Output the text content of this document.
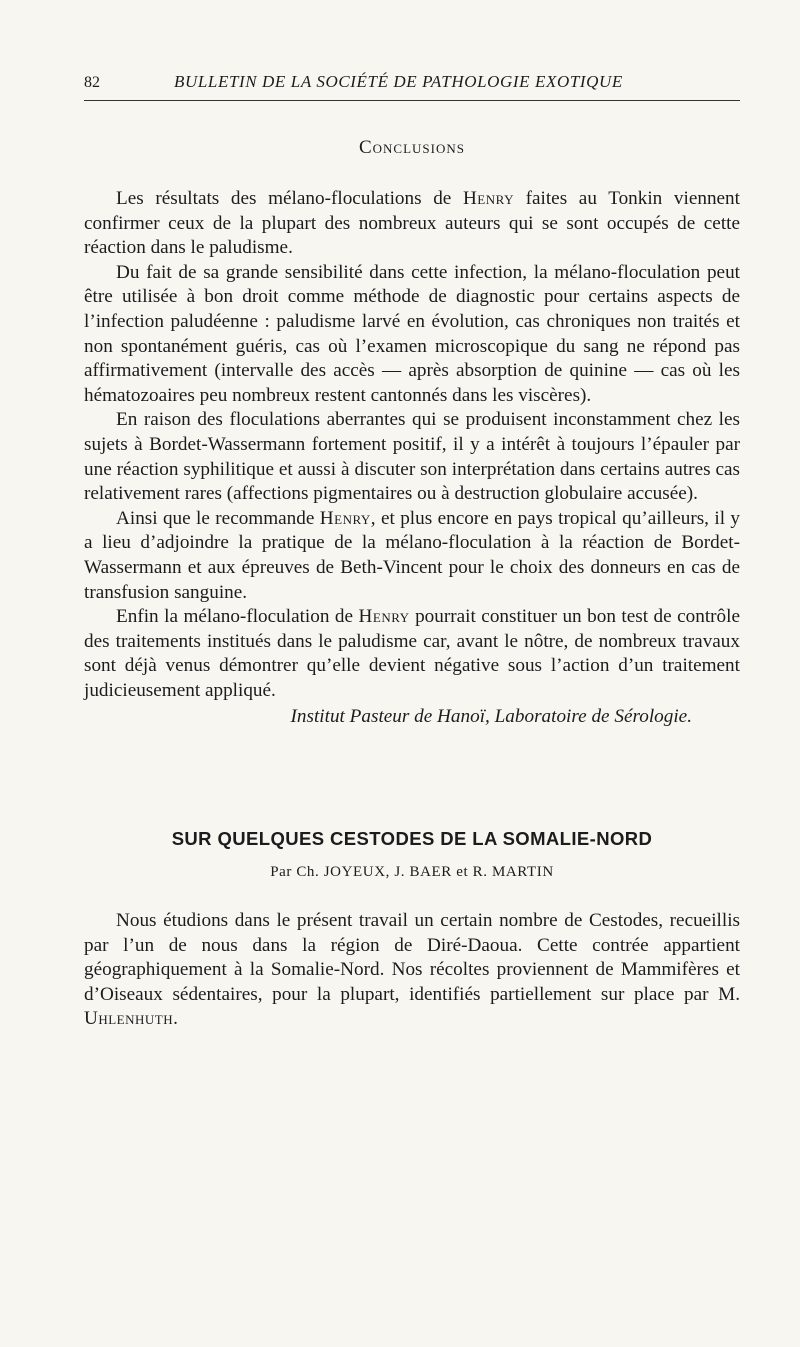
82	BULLETIN DE LA SOCIÉTÉ DE PATHOLOGIE EXOTIQUE
Conclusions

Les résultats des mélano-floculations de Henry faites au Tonkin viennent confirmer ceux de la plupart des nombreux auteurs qui se sont occupés de cette réaction dans le paludisme.

Du fait de sa grande sensibilité dans cette infection, la mélano-floculation peut être utilisée à bon droit comme méthode de diagnostic pour certains aspects de l’infection paludéenne : paludisme larvé en évolution, cas chroniques non traités et non spontanément guéris, cas où l’examen microscopique du sang ne répond pas affirmativement (intervalle des accès — après absorption de quinine — cas où les hématozoaires peu nombreux restent cantonnés dans les viscères).

En raison des floculations aberrantes qui se produisent inconstamment chez les sujets à Bordet-Wassermann fortement positif, il y a intérêt à toujours l’épauler par une réaction syphilitique et aussi à discuter son interprétation dans certains autres cas relativement rares (affections pigmentaires ou à destruction globulaire accusée).

Ainsi que le recommande Henry, et plus encore en pays tropical qu’ailleurs, il y a lieu d’adjoindre la pratique de la mélano-floculation à la réaction de Bordet-Wassermann et aux épreuves de Beth-Vincent pour le choix des donneurs en cas de transfusion sanguine.

Enfin la mélano-floculation de Henry pourrait constituer un bon test de contrôle des traitements institués dans le paludisme car, avant le nôtre, de nombreux travaux sont déjà venus démontrer qu’elle devient négative sous l’action d’un traitement judicieusement appliqué.

Institut Pasteur de Hanoï, Laboratoire de Sérologie.
SUR QUELQUES CESTODES DE LA SOMALIE-NORD
Par Ch. JOYEUX, J. BAER et R. MARTIN

Nous étudions dans le présent travail un certain nombre de Cestodes, recueillis par l’un de nous dans la région de Diré-Daoua. Cette contrée appartient géographiquement à la Somalie-Nord. Nos récoltes proviennent de Mammifères et d’Oiseaux sédentaires, pour la plupart, identifiés partiellement sur place par M. Uhlenhuth.
